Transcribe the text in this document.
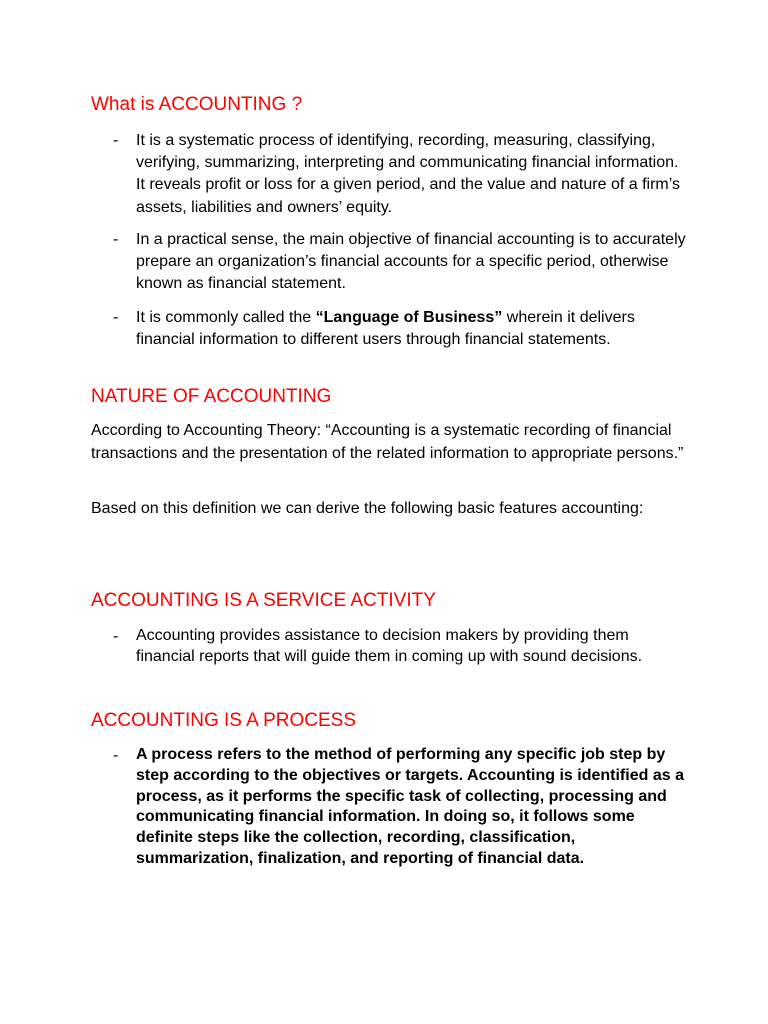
What is ACCOUNTING ?
-	It is a systematic process of identifying, recording, measuring, classifying, verifying, summarizing, interpreting and communicating financial information. It reveals profit or loss for a given period, and the value and nature of a firm’s assets, liabilities and owners’ equity.
-	In a practical sense, the main objective of financial accounting is to accurately prepare an organization’s financial accounts for a specific period, otherwise known as financial statement.
-	It is commonly called the “Language of Business” wherein it delivers financial information to different users through financial statements.
NATURE OF ACCOUNTING

According to Accounting Theory: “Accounting is a systematic recording of financial transactions and the presentation of the related information to appropriate persons.”

Based on this definition we can derive the following basic features accounting:

ACCOUNTING IS A SERVICE ACTIVITY
-	Accounting provides assistance to decision makers by providing them financial reports that will guide them in coming up with sound decisions.
ACCOUNTING IS A PROCESS
-	A process refers to the method of performing any specific job step by step according to the objectives or targets. Accounting is identified as a process, as it performs the specific task of collecting, processing and communicating financial information. In doing so, it follows some definite steps like the collection, recording, classification, summarization, finalization, and reporting of financial data.
